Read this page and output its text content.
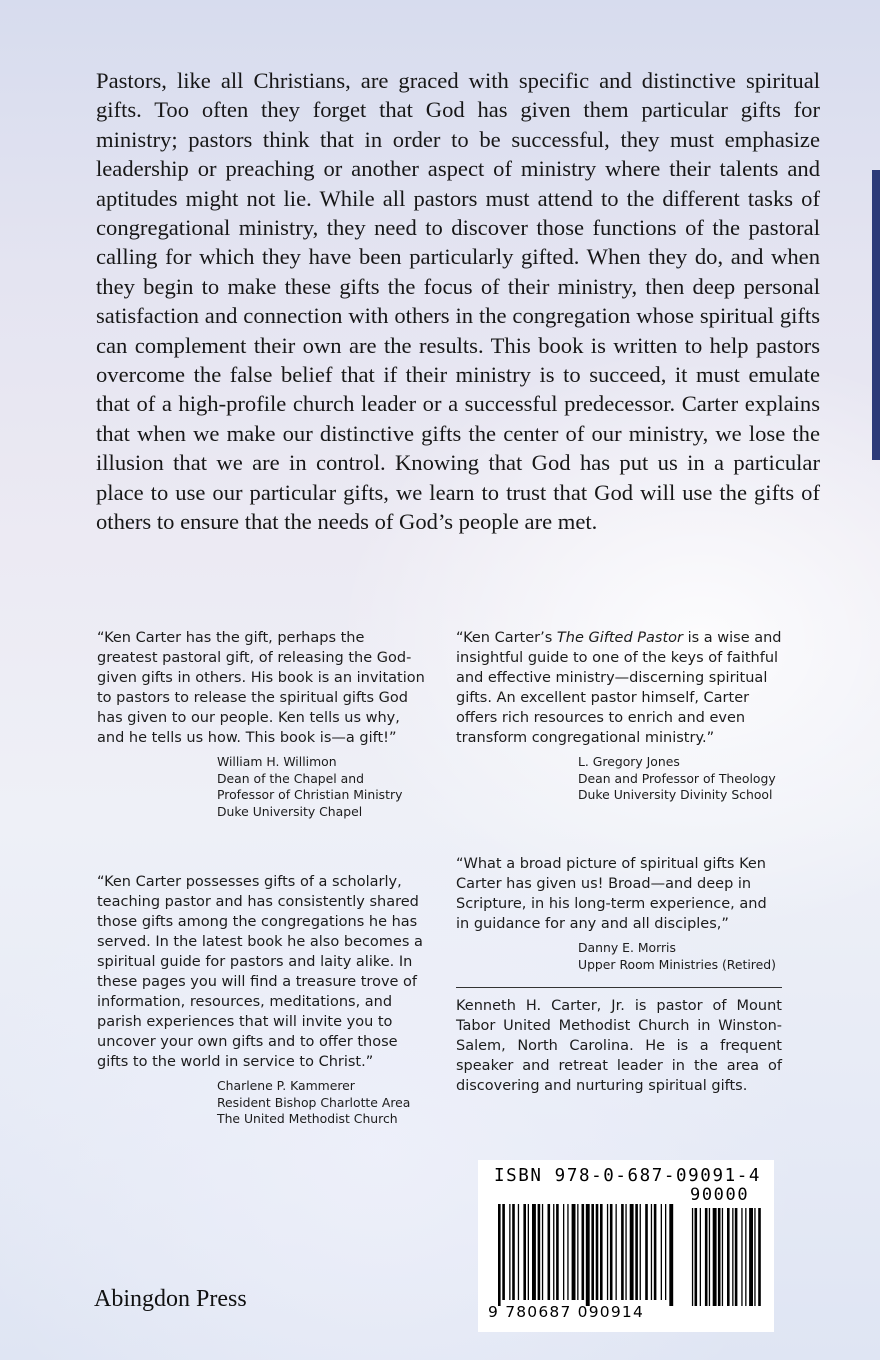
Pastors, like all Christians, are graced with specific and distinctive spiritual gifts. Too often they forget that God has given them particular gifts for ministry; pastors think that in order to be successful, they must emphasize leadership or preaching or another aspect of ministry where their talents and aptitudes might not lie. While all pastors must attend to the different tasks of congregational ministry, they need to discover those functions of the pastoral calling for which they have been particularly gifted. When they do, and when they begin to make these gifts the focus of their ministry, then deep personal satisfaction and connection with others in the congregation whose spiritual gifts can complement their own are the results. This book is written to help pastors overcome the false belief that if their ministry is to succeed, it must emulate that of a high-profile church leader or a successful predecessor. Carter explains that when we make our distinctive gifts the center of our ministry, we lose the illusion that we are in control. Knowing that God has put us in a particular place to use our particular gifts, we learn to trust that God will use the gifts of others to ensure that the needs of God’s people are met.

“Ken Carter has the gift, perhaps the greatest pastoral gift, of releasing the God-given gifts in others. His book is an invitation to pastors to release the spiritual gifts God has given to our people. Ken tells us why, and he tells us how. This book is—a gift!”

William H. Willimon
Dean of the Chapel and
Professor of Christian Ministry
Duke University Chapel

“Ken Carter’s The Gifted Pastor is a wise and insightful guide to one of the keys of faithful and effective ministry—discerning spiritual gifts. An excellent pastor himself, Carter offers rich resources to enrich and even transform congregational ministry.”

L. Gregory Jones
Dean and Professor of Theology
Duke University Divinity School

“Ken Carter possesses gifts of a scholarly, teaching pastor and has consistently shared those gifts among the congregations he has served. In the latest book he also becomes a spiritual guide for pastors and laity alike. In these pages you will find a treasure trove of information, resources, meditations, and parish experiences that will invite you to uncover your own gifts and to offer those gifts to the world in service to Christ.”

Charlene P. Kammerer
Resident Bishop Charlotte Area
The United Methodist Church

“What a broad picture of spiritual gifts Ken Carter has given us! Broad—and deep in Scripture, in his long-term experience, and in guidance for any and all disciples,”

Danny E. Morris
Upper Room Ministries (Retired)

Kenneth H. Carter, Jr. is pastor of Mount Tabor United Methodist Church in Winston-Salem, North Carolina. He is a frequent speaker and retreat leader in the area of discovering and nurturing spiritual gifts.

Abingdon Press

ISBN 978-0-687-09091-4

90000

9 780687 090914
